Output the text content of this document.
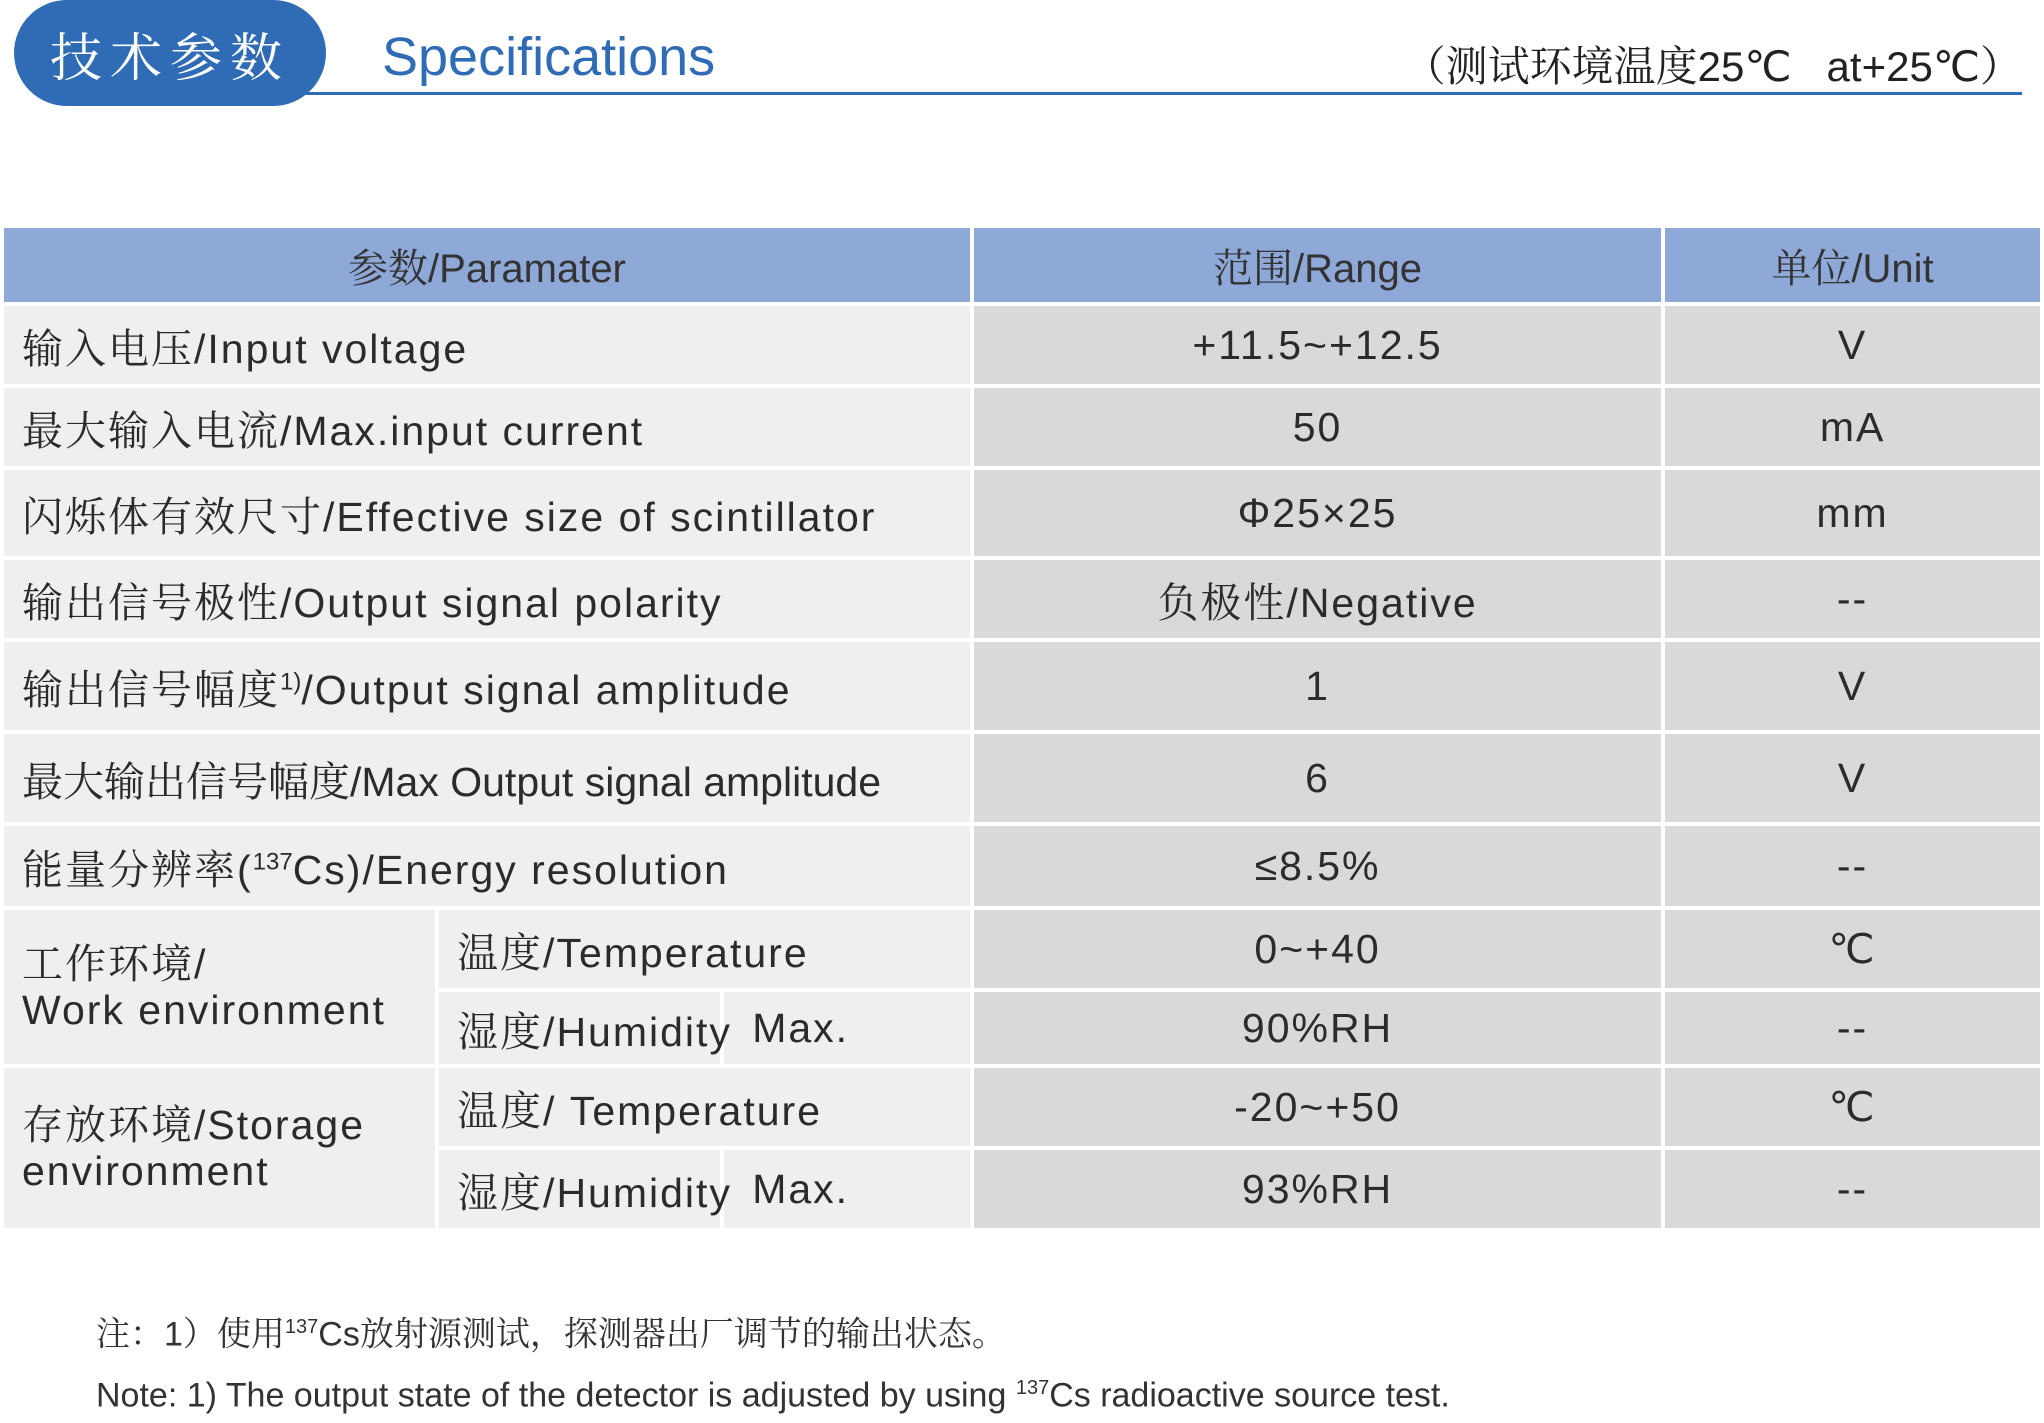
技术参数	Specifications	（测试环境温度25℃   at+25℃）
参数/Paramater			范围/Range	单位/Unit
输入电压/Input voltage			+11.5~+12.5	V
最大输入电流/Max.input current			50	mA
闪烁体有效尺寸/Effective size of scintillator			Φ25×25	mm
输出信号极性/Output signal polarity			负极性/Negative	--
输出信号幅度$^{1)}$/Output signal amplitude			1	V
最大输出信号幅度/Max Output signal amplitude			6	V
能量分辨率($^{137}$Cs)/Energy resolution			≤8.5%	--

工作环境/
Work environment	温度/Temperature		0~+40	℃
	湿度/Humidity	Max.	90%RH	--
存放环境/Storage environment	温度/ Temperature		-20~+50	℃
	湿度/Humidity	Max.	93%RH	--
注：1）使用$^{137}$Cs放射源测试，探测器出厂调节的输出状态。
Note: 1) The output state of the detector is adjusted by using $^{137}$Cs radioactive source test.
